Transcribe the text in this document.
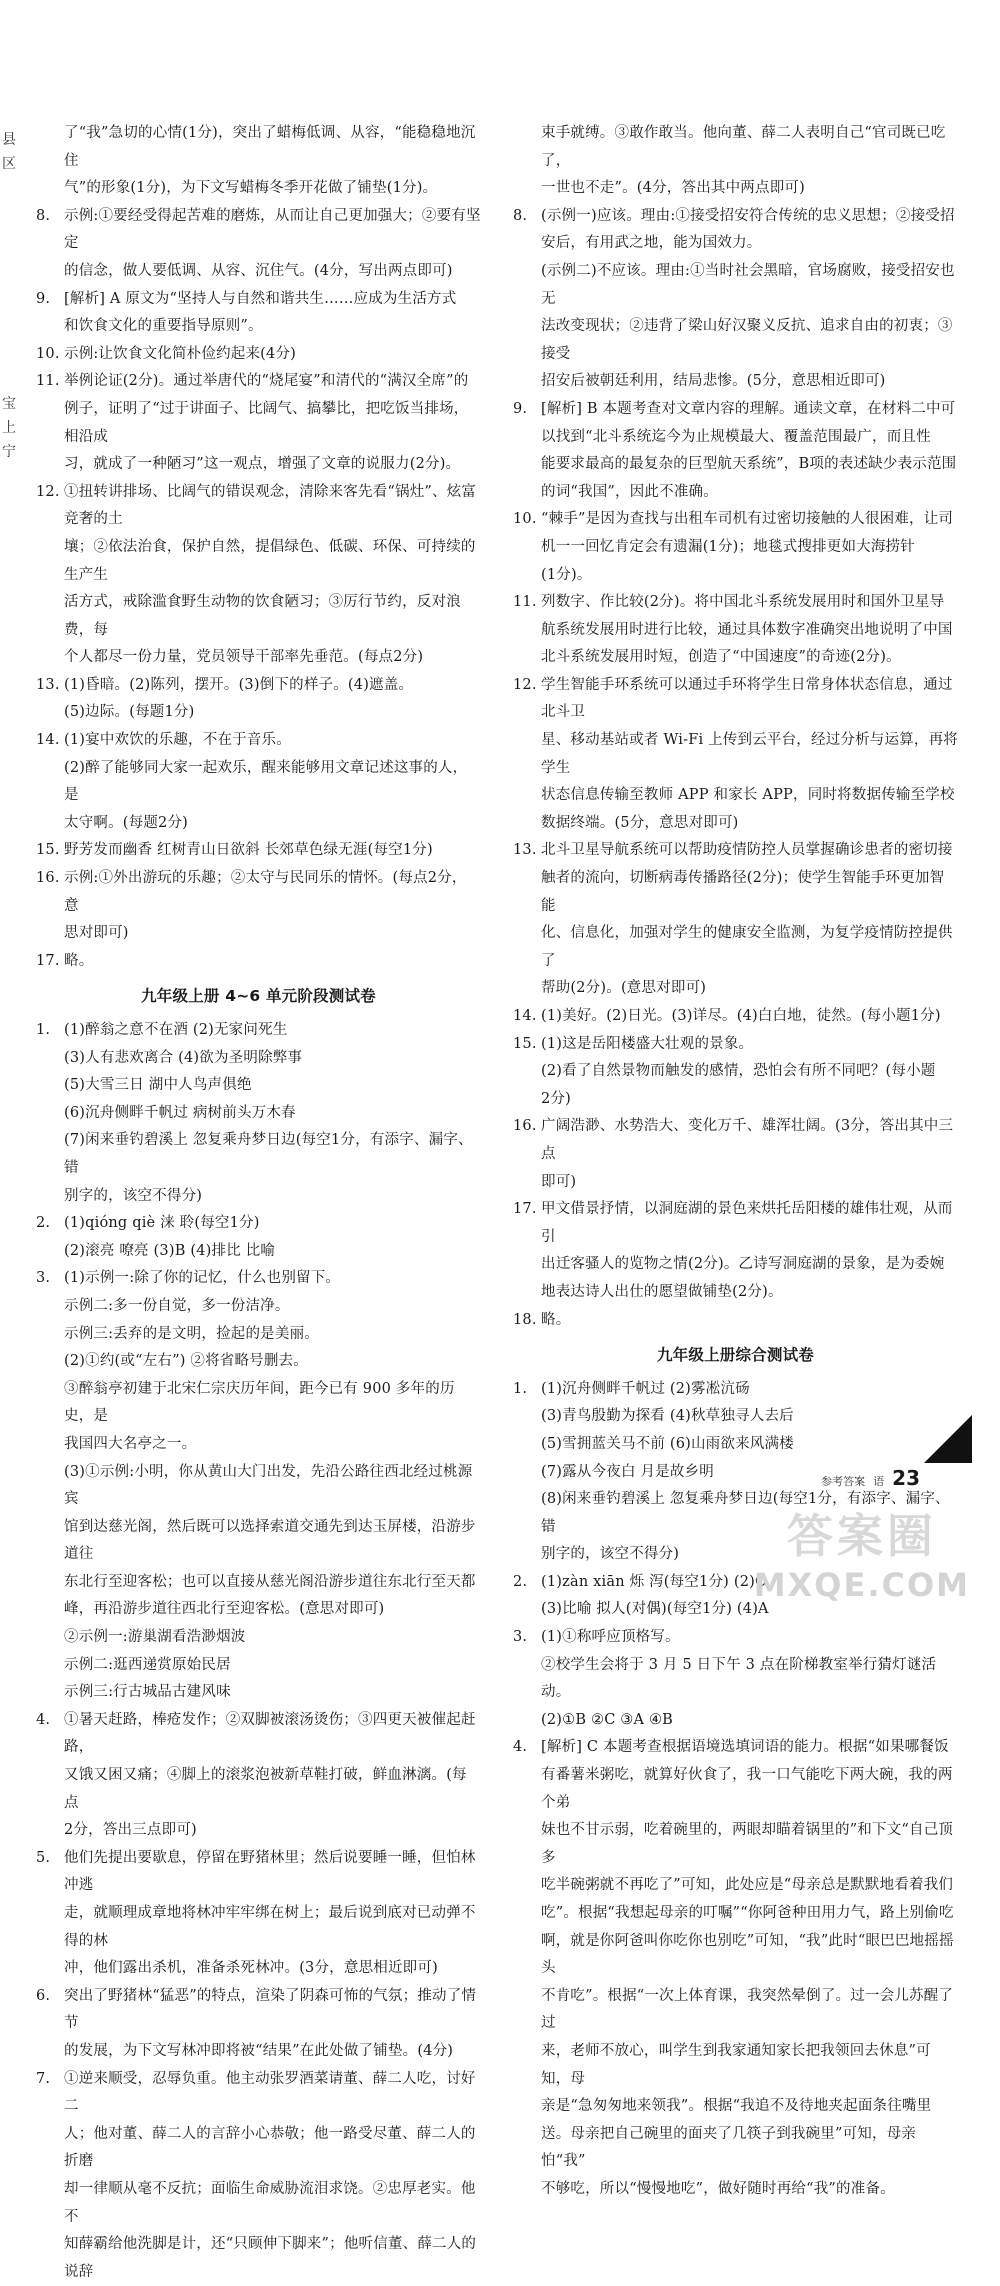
县
区

宝
上
宁
了“我”急切的心情(1分)，突出了蜡梅低调、从容，“能稳稳地沉住
气”的形象(1分)，为下文写蜡梅冬季开花做了铺垫(1分)。
8. 示例:①要经受得起苦难的磨炼，从而让自己更加强大；②要有坚定
的信念，做人要低调、从容、沉住气。(4分，写出两点即可)
9. [解析] A 原文为“坚持人与自然和谐共生……应成为生活方式
和饮食文化的重要指导原则”。
10. 示例:让饮食文化简朴俭约起来(4分)
11. 举例论证(2分)。通过举唐代的“烧尾宴”和清代的“满汉全席”的
例子，证明了“过于讲面子、比阔气、搞攀比，把吃饭当排场，相沿成
习，就成了一种陋习”这一观点，增强了文章的说服力(2分)。
12. ①扭转讲排场、比阔气的错误观念，清除来客先看“锅灶”、炫富竞奢的土
壤；②依法治食，保护自然，提倡绿色、低碳、环保、可持续的生产生
活方式，戒除滥食野生动物的饮食陋习；③厉行节约，反对浪费，每
个人都尽一份力量，党员领导干部率先垂范。(每点2分)
13. (1)昏暗。(2)陈列，摆开。(3)倒下的样子。(4)遮盖。
(5)边际。(每题1分)
14. (1)宴中欢饮的乐趣，不在于音乐。
(2)醉了能够同大家一起欢乐，醒来能够用文章记述这事的人，是
太守啊。(每题2分)
15. 野芳发而幽香 红树青山日欲斜 长郊草色绿无涯(每空1分)
16. 示例:①外出游玩的乐趣；②太守与民同乐的情怀。(每点2分，意
思对即可)
17. 略。
九年级上册 4~6 单元阶段测试卷
1. (1)醉翁之意不在酒 (2)无家问死生
(3)人有悲欢离合 (4)欲为圣明除弊事
(5)大雪三日 湖中人鸟声俱绝
(6)沉舟侧畔千帆过 病树前头万木春
(7)闲来垂钓碧溪上 忽复乘舟梦日边(每空1分，有添字、漏字、错
别字的，该空不得分)
2. (1)qióng qiè 涞 聆(每空1分)
(2)滚亮 嘹亮 (3)B (4)排比 比喻
3. (1)示例一:除了你的记忆，什么也别留下。
示例二:多一份自觉，多一份洁净。
示例三:丢弃的是文明，捡起的是美丽。
(2)①约(或“左右”) ②将省略号删去。
③醉翁亭初建于北宋仁宗庆历年间，距今已有 900 多年的历史，是
我国四大名亭之一。
(3)①示例:小明，你从黄山大门出发，先沿公路往西北经过桃源宾
馆到达慈光阁，然后既可以选择索道交通先到达玉屏楼，沿游步道往
东北行至迎客松；也可以直接从慈光阁沿游步道往东北行至天都
峰，再沿游步道往西北行至迎客松。(意思对即可)
②示例一:游巢湖看浩渺烟波
示例二:逛西递赏原始民居
示例三:行古城品古建风味
4. ①暑天赶路，棒疮发作；②双脚被滚汤烫伤；③四更天被催起赶路，
又饿又困又痛；④脚上的滚浆泡被新草鞋打破，鲜血淋漓。(每点
2分，答出三点即可)
5. 他们先提出要歇息，停留在野猪林里；然后说要睡一睡，但怕林冲逃
走，就顺理成章地将林冲牢牢绑在树上；最后说到底对已动弹不得的林
冲，他们露出杀机，准备杀死林冲。(3分，意思相近即可)
6. 突出了野猪林“猛恶”的特点，渲染了阴森可怖的气氛；推动了情节
的发展，为下文写林冲即将被“结果”在此处做了铺垫。(4分)
7. ①逆来顺受，忍辱负重。他主动张罗酒菜请董、薛二人吃，讨好二
人；他对董、薛二人的言辞小心恭敬；他一路受尽董、薛二人的折磨
却一律顺从毫不反抗；面临生命威胁流泪求饶。②忠厚老实。他不
知薛霸给他洗脚是计，还“只顾伸下脚来”；他听信董、薛二人的说辞
束手就缚。③敢作敢当。他向董、薛二人表明自己“官司既已吃了，
一世也不走”。(4分，答出其中两点即可)
8. (示例一)应该。理由:①接受招安符合传统的忠义思想；②接受招
安后，有用武之地，能为国效力。
(示例二)不应该。理由:①当时社会黑暗，官场腐败，接受招安也无
法改变现状；②违背了梁山好汉聚义反抗、追求自由的初衷；③接受
招安后被朝廷利用，结局悲惨。(5分，意思相近即可)
9. [解析] B 本题考查对文章内容的理解。通读文章，在材料二中可
以找到“北斗系统迄今为止规模最大、覆盖范围最广，而且性
能要求最高的最复杂的巨型航天系统”，B项的表述缺少表示范围
的词“我国”，因此不准确。
10. “棘手”是因为查找与出租车司机有过密切接触的人很困难，让司
机一一回忆肯定会有遗漏(1分)；地毯式搜排更如大海捞针
(1分)。
11. 列数字、作比较(2分)。将中国北斗系统发展用时和国外卫星导
航系统发展用时进行比较，通过具体数字准确突出地说明了中国
北斗系统发展用时短，创造了“中国速度”的奇迹(2分)。
12. 学生智能手环系统可以通过手环将学生日常身体状态信息，通过北斗卫
星、移动基站或者 Wi-Fi 上传到云平台，经过分析与运算，再将学生
状态信息传输至教师 APP 和家长 APP，同时将数据传输至学校
数据终端。(5分，意思对即可)
13. 北斗卫星导航系统可以帮助疫情防控人员掌握确诊患者的密切接
触者的流向，切断病毒传播路径(2分)；使学生智能手环更加智能
化、信息化，加强对学生的健康安全监测，为复学疫情防控提供了
帮助(2分)。(意思对即可)
14. (1)美好。(2)日光。(3)详尽。(4)白白地，徒然。(每小题1分)
15. (1)这是岳阳楼盛大壮观的景象。
(2)看了自然景物而触发的感情，恐怕会有所不同吧？(每小题
2分)
16. 广阔浩渺、水势浩大、变化万千、雄浑壮阔。(3分，答出其中三点
即可)
17. 甲文借景抒情，以洞庭湖的景色来烘托岳阳楼的雄伟壮观，从而引
出迁客骚人的览物之情(2分)。乙诗写洞庭湖的景象，是为委婉
地表达诗人出仕的愿望做铺垫(2分)。
18. 略。
九年级上册综合测试卷
1. (1)沉舟侧畔千帆过 (2)雾凇沆砀
(3)青鸟殷勤为探看 (4)秋草独寻人去后
(5)雪拥蓝关马不前 (6)山雨欲来风满楼
(7)露从今夜白 月是故乡明
(8)闲来垂钓碧溪上 忽复乘舟梦日边(每空1分，有添字、漏字、错
别字的，该空不得分)
2. (1)zàn xiān 烁 泻(每空1分) (2)C
(3)比喻 拟人(对偶)(每空1分) (4)A
3. (1)①称呼应顶格写。
②校学生会将于 3 月 5 日下午 3 点在阶梯教室举行猜灯谜活动。
(2)①B ②C ③A ④B
4. [解析] C 本题考查根据语境选填词语的能力。根据“如果哪餐饭
有番薯米粥吃，就算好伙食了，我一口气能吃下两大碗，我的两个弟
妹也不甘示弱，吃着碗里的，两眼却瞄着锅里的”和下文“自己顶多
吃半碗粥就不再吃了”可知，此处应是“母亲总是默默地看着我们
吃”。根据“我想起母亲的叮嘱”“你阿爸种田用力气，路上别偷吃
啊，就是你阿爸叫你吃你也别吃”可知，“我”此时“眼巴巴地摇摇头
不肯吃”。根据“一次上体育课，我突然晕倒了。过一会儿苏醒了过
来，老师不放心，叫学生到我家通知家长把我领回去休息”可知，母
亲是“急匆匆地来领我”。根据“我追不及待地夹起面条往嘴里
送。母亲把自己碗里的面夹了几筷子到我碗里”可知，母亲怕“我”
不够吃，所以“慢慢地吃”，做好随时再给“我”的准备。
参考答案 语 23
答案圈
MXQE.COM
